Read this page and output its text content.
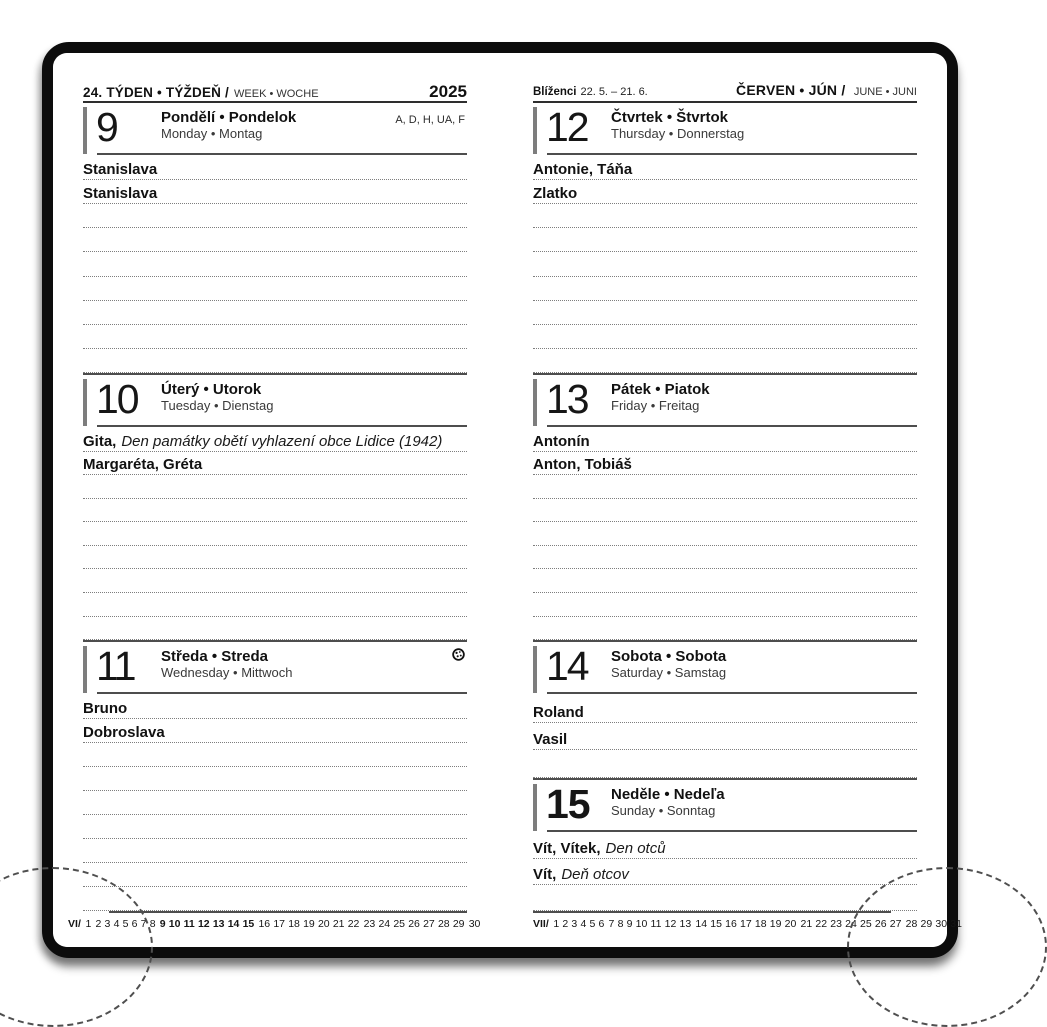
24. TÝDEN • TÝŽDEŇ / WEEK • WOCHE	2025
9	Pondělí • Pondelok
Monday • Montag
A, D, H, UA, F
Stanislava
Stanislava
10	Úterý • Utorok
Tuesday • Dienstag
Gita, Den památky obětí vyhlazení obce Lidice (1942)
Margaréta, Gréta
11	Středa • Streda
Wednesday • Mittwoch
Bruno
Dobroslava
VI/ 1 2 3 4 5 6 7 8 9 10 11 12 13 14 15 16 17 18 19 20 21 22 23 24 25 26 27 28 29 30
Blíženci 22. 5. – 21. 6.	ČERVEN • JÚN / JUNE • JUNI
12	Čtvrtek • Štvrtok
Thursday • Donnerstag
Antonie, Táňa
Zlatko
13	Pátek • Piatok
Friday • Freitag
Antonín
Anton, Tobiáš
14	Sobota • Sobota
Saturday • Samstag
Roland
Vasil
15	Neděle • Nedeľa
Sunday • Sonntag
Vít, Vítek, Den otců
Vít, Deň otcov
VII/ 1 2 3 4 5 6 7 8 9 10 11 12 13 14 15 16 17 18 19 20 21 22 23 24 25 26 27 28 29 30 31
